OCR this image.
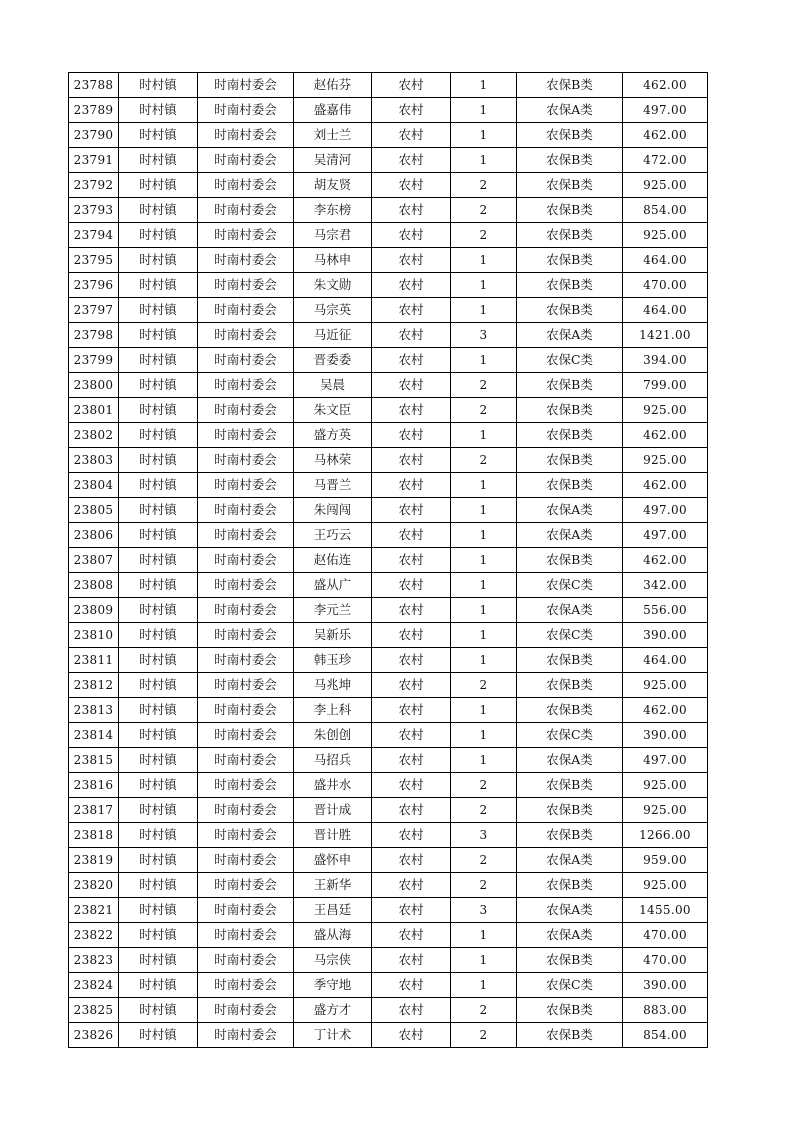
23788	时村镇	时南村委会	赵佑芬	农村	1	农保B类	462.00
23789	时村镇	时南村委会	盛嘉伟	农村	1	农保A类	497.00
23790	时村镇	时南村委会	刘士兰	农村	1	农保B类	462.00
23791	时村镇	时南村委会	吴清河	农村	1	农保B类	472.00
23792	时村镇	时南村委会	胡友贤	农村	2	农保B类	925.00
23793	时村镇	时南村委会	李东榜	农村	2	农保B类	854.00
23794	时村镇	时南村委会	马宗君	农村	2	农保B类	925.00
23795	时村镇	时南村委会	马林申	农村	1	农保B类	464.00
23796	时村镇	时南村委会	朱文勋	农村	1	农保B类	470.00
23797	时村镇	时南村委会	马宗英	农村	1	农保B类	464.00
23798	时村镇	时南村委会	马近征	农村	3	农保A类	1421.00
23799	时村镇	时南村委会	晋委委	农村	1	农保C类	394.00
23800	时村镇	时南村委会	吴晨	农村	2	农保B类	799.00
23801	时村镇	时南村委会	朱文臣	农村	2	农保B类	925.00
23802	时村镇	时南村委会	盛方英	农村	1	农保B类	462.00
23803	时村镇	时南村委会	马林荣	农村	2	农保B类	925.00
23804	时村镇	时南村委会	马晋兰	农村	1	农保B类	462.00
23805	时村镇	时南村委会	朱闯闯	农村	1	农保A类	497.00
23806	时村镇	时南村委会	王巧云	农村	1	农保A类	497.00
23807	时村镇	时南村委会	赵佑连	农村	1	农保B类	462.00
23808	时村镇	时南村委会	盛从广	农村	1	农保C类	342.00
23809	时村镇	时南村委会	李元兰	农村	1	农保A类	556.00
23810	时村镇	时南村委会	吴新乐	农村	1	农保C类	390.00
23811	时村镇	时南村委会	韩玉珍	农村	1	农保B类	464.00
23812	时村镇	时南村委会	马兆坤	农村	2	农保B类	925.00
23813	时村镇	时南村委会	李上科	农村	1	农保B类	462.00
23814	时村镇	时南村委会	朱创创	农村	1	农保C类	390.00
23815	时村镇	时南村委会	马招兵	农村	1	农保A类	497.00
23816	时村镇	时南村委会	盛井水	农村	2	农保B类	925.00
23817	时村镇	时南村委会	晋计成	农村	2	农保B类	925.00
23818	时村镇	时南村委会	晋计胜	农村	3	农保B类	1266.00
23819	时村镇	时南村委会	盛怀申	农村	2	农保A类	959.00
23820	时村镇	时南村委会	王新华	农村	2	农保B类	925.00
23821	时村镇	时南村委会	王昌廷	农村	3	农保A类	1455.00
23822	时村镇	时南村委会	盛从海	农村	1	农保A类	470.00
23823	时村镇	时南村委会	马宗侠	农村	1	农保B类	470.00
23824	时村镇	时南村委会	季守地	农村	1	农保C类	390.00
23825	时村镇	时南村委会	盛方才	农村	2	农保B类	883.00
23826	时村镇	时南村委会	丁计术	农村	2	农保B类	854.00
